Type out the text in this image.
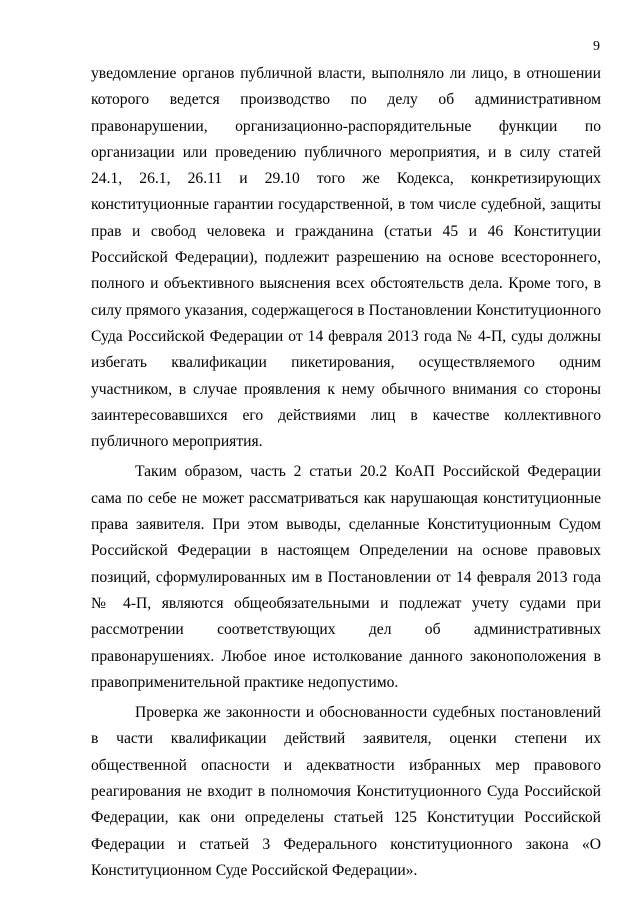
9

уведомление органов публичной власти, выполняло ли лицо, в отношении которого ведется производство по делу об административном правонарушении, организационно-распорядительные функции по организации или проведению публичного мероприятия, и в силу статей 24.1, 26.1, 26.11 и 29.10 того же Кодекса, конкретизирующих конституционные гарантии государственной, в том числе судебной, защиты прав и свобод человека и гражданина (статьи 45 и 46 Конституции Российской Федерации), подлежит разрешению на основе всестороннего, полного и объективного выяснения всех обстоятельств дела. Кроме того, в силу прямого указания, содержащегося в Постановлении Конституционного Суда Российской Федерации от 14 февраля 2013 года № 4-П, суды должны избегать квалификации пикетирования, осуществляемого одним участником, в случае проявления к нему обычного внимания со стороны заинтересовавшихся его действиями лиц в качестве коллективного публичного мероприятия.

Таким образом, часть 2 статьи 20.2 КоАП Российской Федерации сама по себе не может рассматриваться как нарушающая конституционные права заявителя. При этом выводы, сделанные Конституционным Судом Российской Федерации в настоящем Определении на основе правовых позиций, сформулированных им в Постановлении от 14 февраля 2013 года № 4-П, являются общеобязательными и подлежат учету судами при рассмотрении соответствующих дел об административных правонарушениях. Любое иное истолкование данного законоположения в правоприменительной практике недопустимо.

Проверка же законности и обоснованности судебных постановлений в части квалификации действий заявителя, оценки степени их общественной опасности и адекватности избранных мер правового реагирования не входит в полномочия Конституционного Суда Российской Федерации, как они определены статьей 125 Конституции Российской Федерации и статьей 3 Федерального конституционного закона «О Конституционном Суде Российской Федерации».
